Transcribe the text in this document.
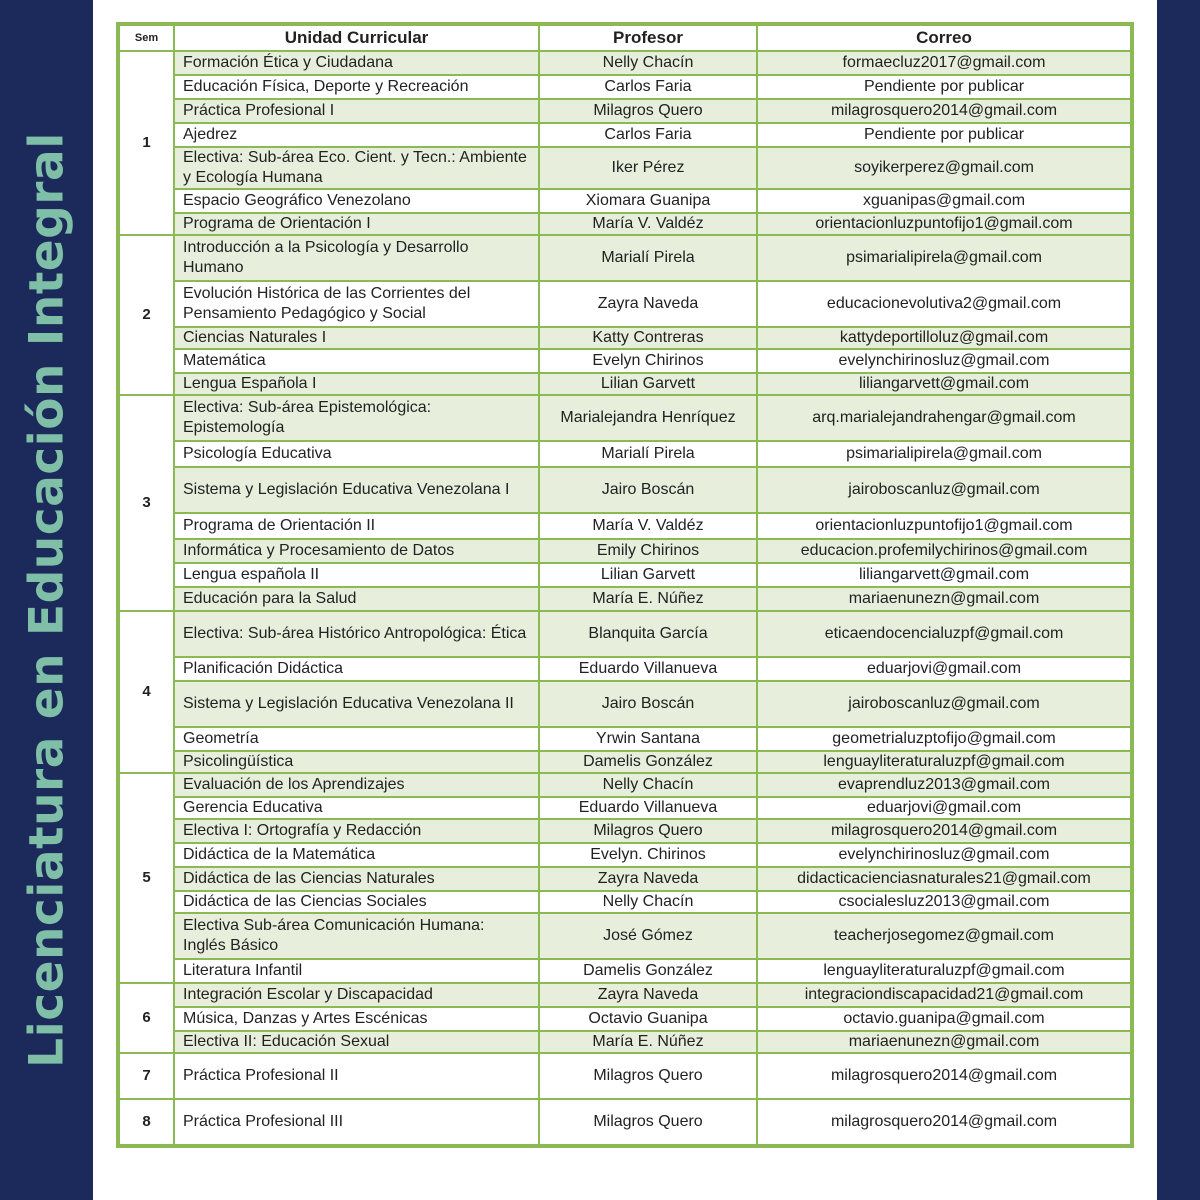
Licenciatura en Educación Integral
Sem	Unidad Curricular	Profesor	Correo
1	Formación Ética y Ciudadana	Nelly Chacín	formaecluz2017@gmail.com
	Educación Física, Deporte y Recreación	Carlos Faria	Pendiente por publicar
	Práctica Profesional I	Milagros Quero	milagrosquero2014@gmail.com
	Ajedrez	Carlos Faria	Pendiente por publicar
	Electiva: Sub-área Eco. Cient. y Tecn.: Ambiente y Ecología Humana	Iker Pérez	soyikerperez@gmail.com
	Espacio Geográfico Venezolano	Xiomara Guanipa	xguanipas@gmail.com
	Programa de Orientación I	María V. Valdéz	orientacionluzpuntofijo1@gmail.com
2	Introducción a la Psicología y Desarrollo Humano	Marialí Pirela	psimarialipirela@gmail.com
	Evolución Histórica de las Corrientes del Pensamiento Pedagógico y Social	Zayra Naveda	educacionevolutiva2@gmail.com
	Ciencias Naturales I	Katty Contreras	kattydeportilloluz@gmail.com
	Matemática	Evelyn Chirinos	evelynchirinosluz@gmail.com
	Lengua Española I	Lilian Garvett	liliangarvett@gmail.com
3	Electiva: Sub-área Epistemológica: Epistemología	Marialejandra Henríquez	arq.marialejandrahengar@gmail.com
	Psicología Educativa	Marialí Pirela	psimarialipirela@gmail.com
	Sistema y Legislación Educativa Venezolana I	Jairo Boscán	jairoboscanluz@gmail.com
	Programa de Orientación II	María V. Valdéz	orientacionluzpuntofijo1@gmail.com
	Informática y Procesamiento de Datos	Emily Chirinos	educacion.profemilychirinos@gmail.com
	Lengua española II	Lilian Garvett	liliangarvett@gmail.com
	Educación para la Salud	María E. Núñez	mariaenunezn@gmail.com
4	Electiva: Sub-área Histórico Antropológica: Ética	Blanquita García	eticaendocencialuzpf@gmail.com
	Planificación Didáctica	Eduardo Villanueva	eduarjovi@gmail.com
	Sistema y Legislación Educativa Venezolana II	Jairo Boscán	jairoboscanluz@gmail.com
	Geometría	Yrwin Santana	geometrialuzptofijo@gmail.com
	Psicolingüística	Damelis González	lenguayliteraturaluzpf@gmail.com
5	Evaluación de los Aprendizajes	Nelly Chacín	evaprendluz2013@gmail.com
	Gerencia Educativa	Eduardo Villanueva	eduarjovi@gmail.com
	Electiva I: Ortografía y Redacción	Milagros Quero	milagrosquero2014@gmail.com
	Didáctica de la Matemática	Evelyn. Chirinos	evelynchirinosluz@gmail.com
	Didáctica de las Ciencias Naturales	Zayra Naveda	didacticacienciasnaturales21@gmail.com
	Didáctica de las Ciencias Sociales	Nelly Chacín	csocialesluz2013@gmail.com
	Electiva Sub-área Comunicación Humana: Inglés Básico	José Gómez	teacherjosegomez@gmail.com
	Literatura Infantil	Damelis González	lenguayliteraturaluzpf@gmail.com
6	Integración Escolar y Discapacidad	Zayra Naveda	integraciondiscapacidad21@gmail.com
	Música, Danzas y Artes Escénicas	Octavio Guanipa	octavio.guanipa@gmail.com
	Electiva II: Educación Sexual	María E. Núñez	mariaenunezn@gmail.com
7	Práctica Profesional II	Milagros Quero	milagrosquero2014@gmail.com
8	Práctica Profesional III	Milagros Quero	milagrosquero2014@gmail.com
